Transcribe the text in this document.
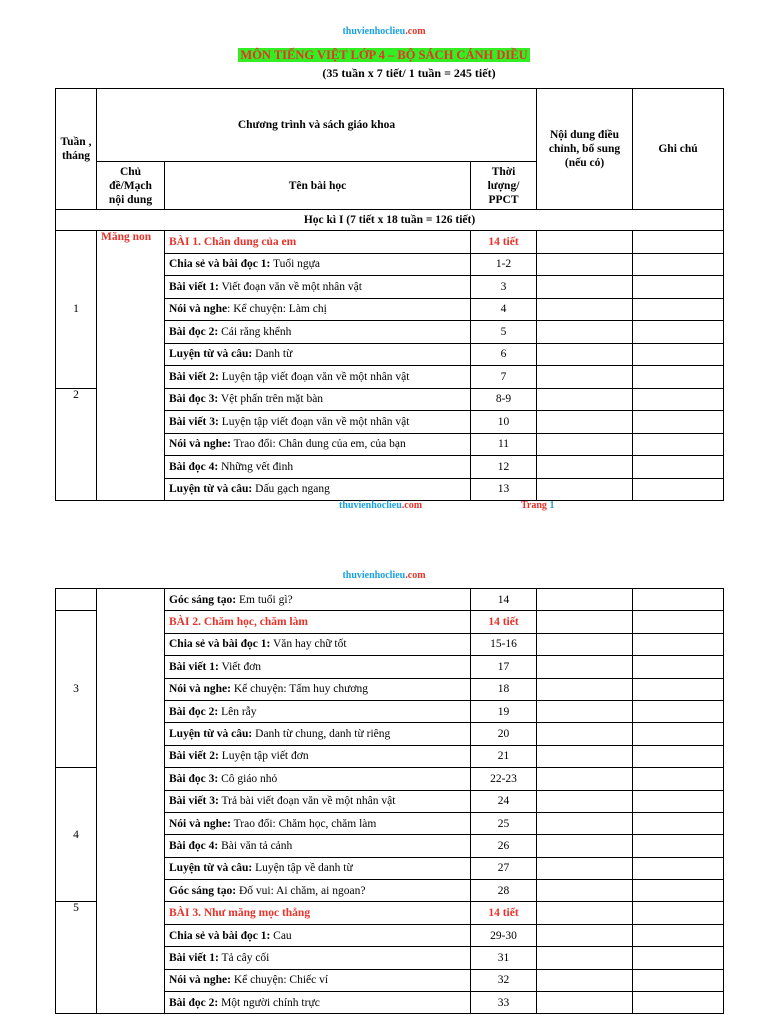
thuvienhoclieu.com
MÔN TIẾNG VIỆT LỚP 4 – BỘ SÁCH CÁNH DIỀU
(35 tuần x 7 tiết/ 1 tuần = 245 tiết)
Tuần , tháng	Chương trình và sách giáo khoa			Nội dung điều chỉnh, bổ sung (nếu có)	Ghi chú
	Chủ đề/Mạch nội dung	Tên bài học	Thời lượng/ PPCT		
Học kì I (7 tiết x 18 tuần = 126 tiết)					
1	Măng non	BÀI 1. Chân dung của em	14 tiết		
		Chia sẻ và bài đọc 1: Tuổi ngựa	1-2		
		Bài viết 1: Viết đoạn văn về một nhân vật	3		
		Nói và nghe: Kể chuyện: Làm chị	4		
		Bài đọc 2: Cái răng khểnh	5		
		Luyện từ và câu: Danh từ	6		
		Bài viết 2: Luyện tập viết đoạn văn về một nhân vật	7		
2		Bài đọc 3: Vệt phấn trên mặt bàn	8-9		
		Bài viết 3: Luyện tập viết đoạn văn về một nhân vật	10		
		Nói và nghe: Trao đổi: Chân dung của em, của bạn	11		
		Bài đọc 4: Những vết đinh	12		
		Luyện từ và câu: Dấu gạch ngang	13		
thuvienhoclieu.com	Trang 1
thuvienhoclieu.com
		Góc sáng tạo: Em tuổi gì?	14		
3		BÀI 2. Chăm học, chăm làm	14 tiết		
		Chia sẻ và bài đọc 1: Văn hay chữ tốt	15-16		
		Bài viết 1: Viết đơn	17		
		Nói và nghe: Kể chuyện: Tấm huy chương	18		
		Bài đọc 2: Lên rẫy	19		
		Luyện từ và câu: Danh từ chung, danh từ riêng	20		
		Bài viết 2: Luyện tập viết đơn	21		
4		Bài đọc 3: Cô giáo nhỏ	22-23		
		Bài viết 3: Trả bài viết đoạn văn về một nhân vật	24		
		Nói và nghe: Trao đổi: Chăm học, chăm làm	25		
		Bài đọc 4: Bài văn tả cảnh	26		
		Luyện từ và câu: Luyện tập về danh từ	27		
		Góc sáng tạo: Đố vui: Ai chăm, ai ngoan?	28		
5		BÀI 3. Như măng mọc thẳng	14 tiết		
		Chia sẻ và bài đọc 1: Cau	29-30		
		Bài viết 1: Tả cây cối	31		
		Nói và nghe: Kể chuyện: Chiếc ví	32		
		Bài đọc 2: Một người chính trực	33		
